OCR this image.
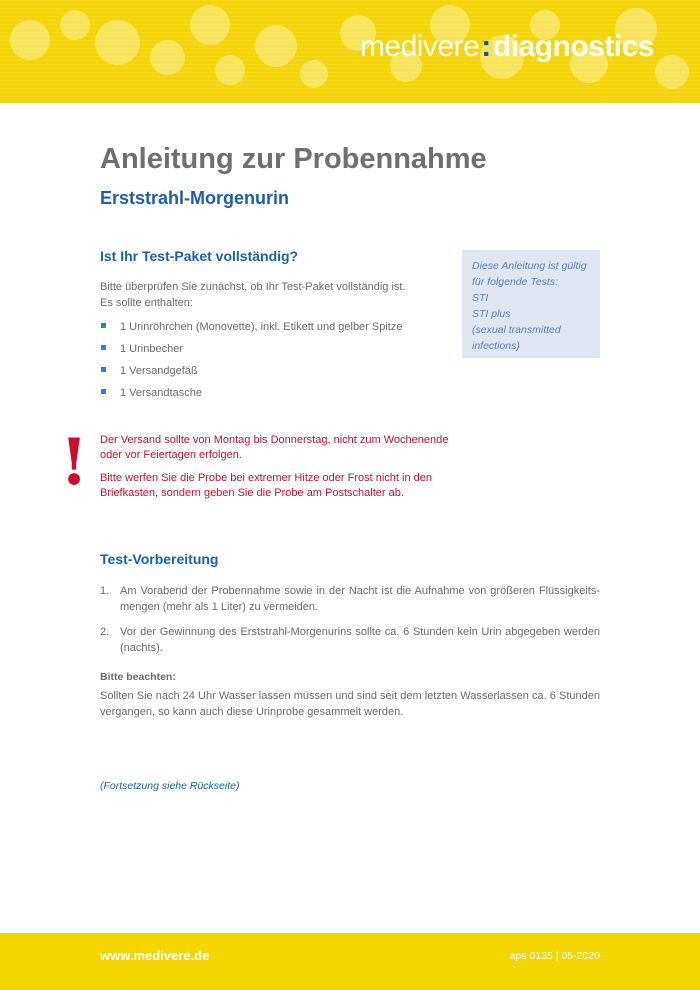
medivere:diagnostics
Anleitung zur Probennahme
Erststrahl-Morgenurin
Ist Ihr Test-Paket vollständig?
Bitte überprüfen Sie zunächst, ob Ihr Test-Paket vollständig ist.
Es sollte enthalten:
1 Urinröhrchen (Monovette), inkl. Etikett und gelber Spitze
1 Urinbecher
1 Versandgefäß
1 Versandtasche
Diese Anleitung ist gültig
für folgende Tests:
STI
STI plus
(sexual transmitted
infections)
! Der Versand sollte von Montag bis Donnerstag, nicht zum Wochenende
oder vor Feiertagen erfolgen.
Bitte werfen Sie die Probe bei extremer Hitze oder Frost nicht in den
Briefkasten, sondern geben Sie die Probe am Postschalter ab.
Test-Vorbereitung
1. Am Vorabend der Probennahme sowie in der Nacht ist die Aufnahme von größeren Flüssigkeits-mengen (mehr als 1 Liter) zu vermeiden.
2. Vor der Gewinnung des Erststrahl-Morgenurins sollte ca. 6 Stunden kein Urin abgegeben werden (nachts).
Bitte beachten:
Sollten Sie nach 24 Uhr Wasser lassen müssen und sind seit dem letzten Wasserlassen ca. 6 Stunden vergangen, so kann auch diese Urinprobe gesammelt werden.
(Fortsetzung siehe Rückseite)
www.medivere.de	aps 0135 | 05-2020
